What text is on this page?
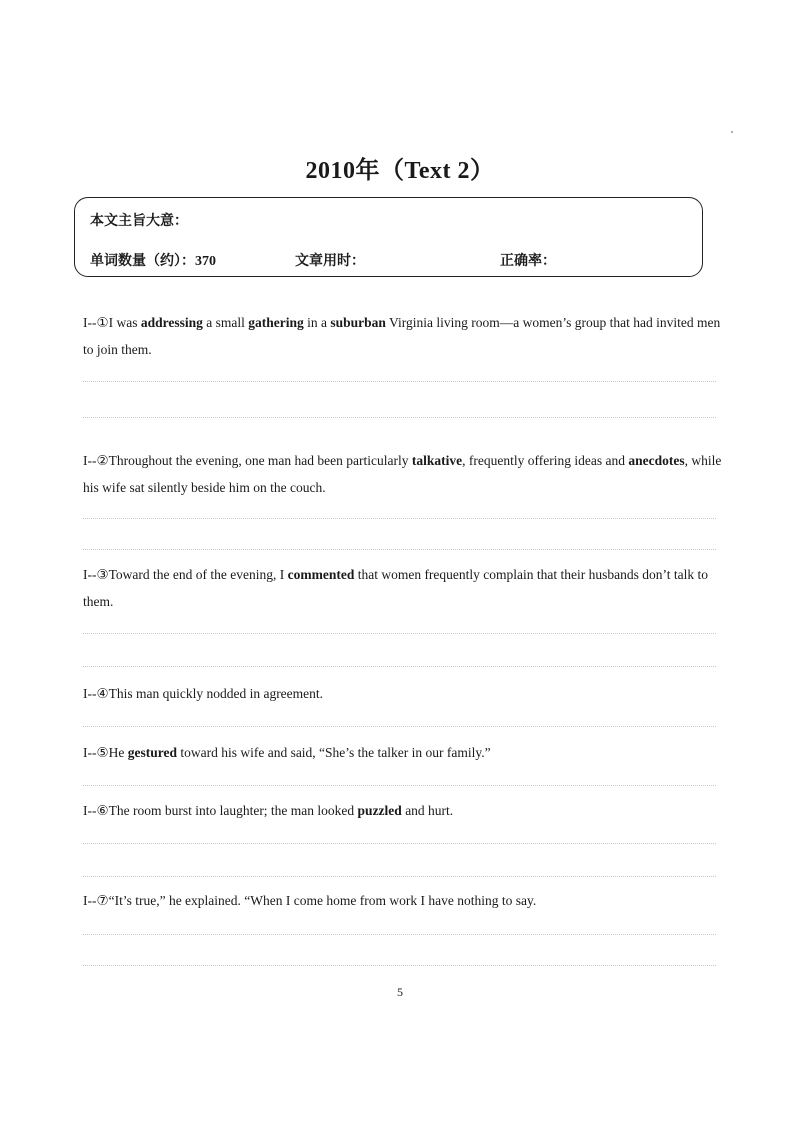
2010年（Text 2）
本文主旨大意：
单词数量（约）：370	文章用时：	正确率：
I--①I was addressing a small gathering in a suburban Virginia living room—a women’s group that had invited men to join them.
I--②Throughout the evening, one man had been particularly talkative, frequently offering ideas and anecdotes, while his wife sat silently beside him on the couch.
I--③Toward the end of the evening, I commented that women frequently complain that their husbands don’t talk to them.
I--④This man quickly nodded in agreement.
I--⑤He gestured toward his wife and said, “She’s the talker in our family.”
I--⑥The room burst into laughter; the man looked puzzled and hurt.
I--⑦“It’s true,” he explained. “When I come home from work I have nothing to say.
5
